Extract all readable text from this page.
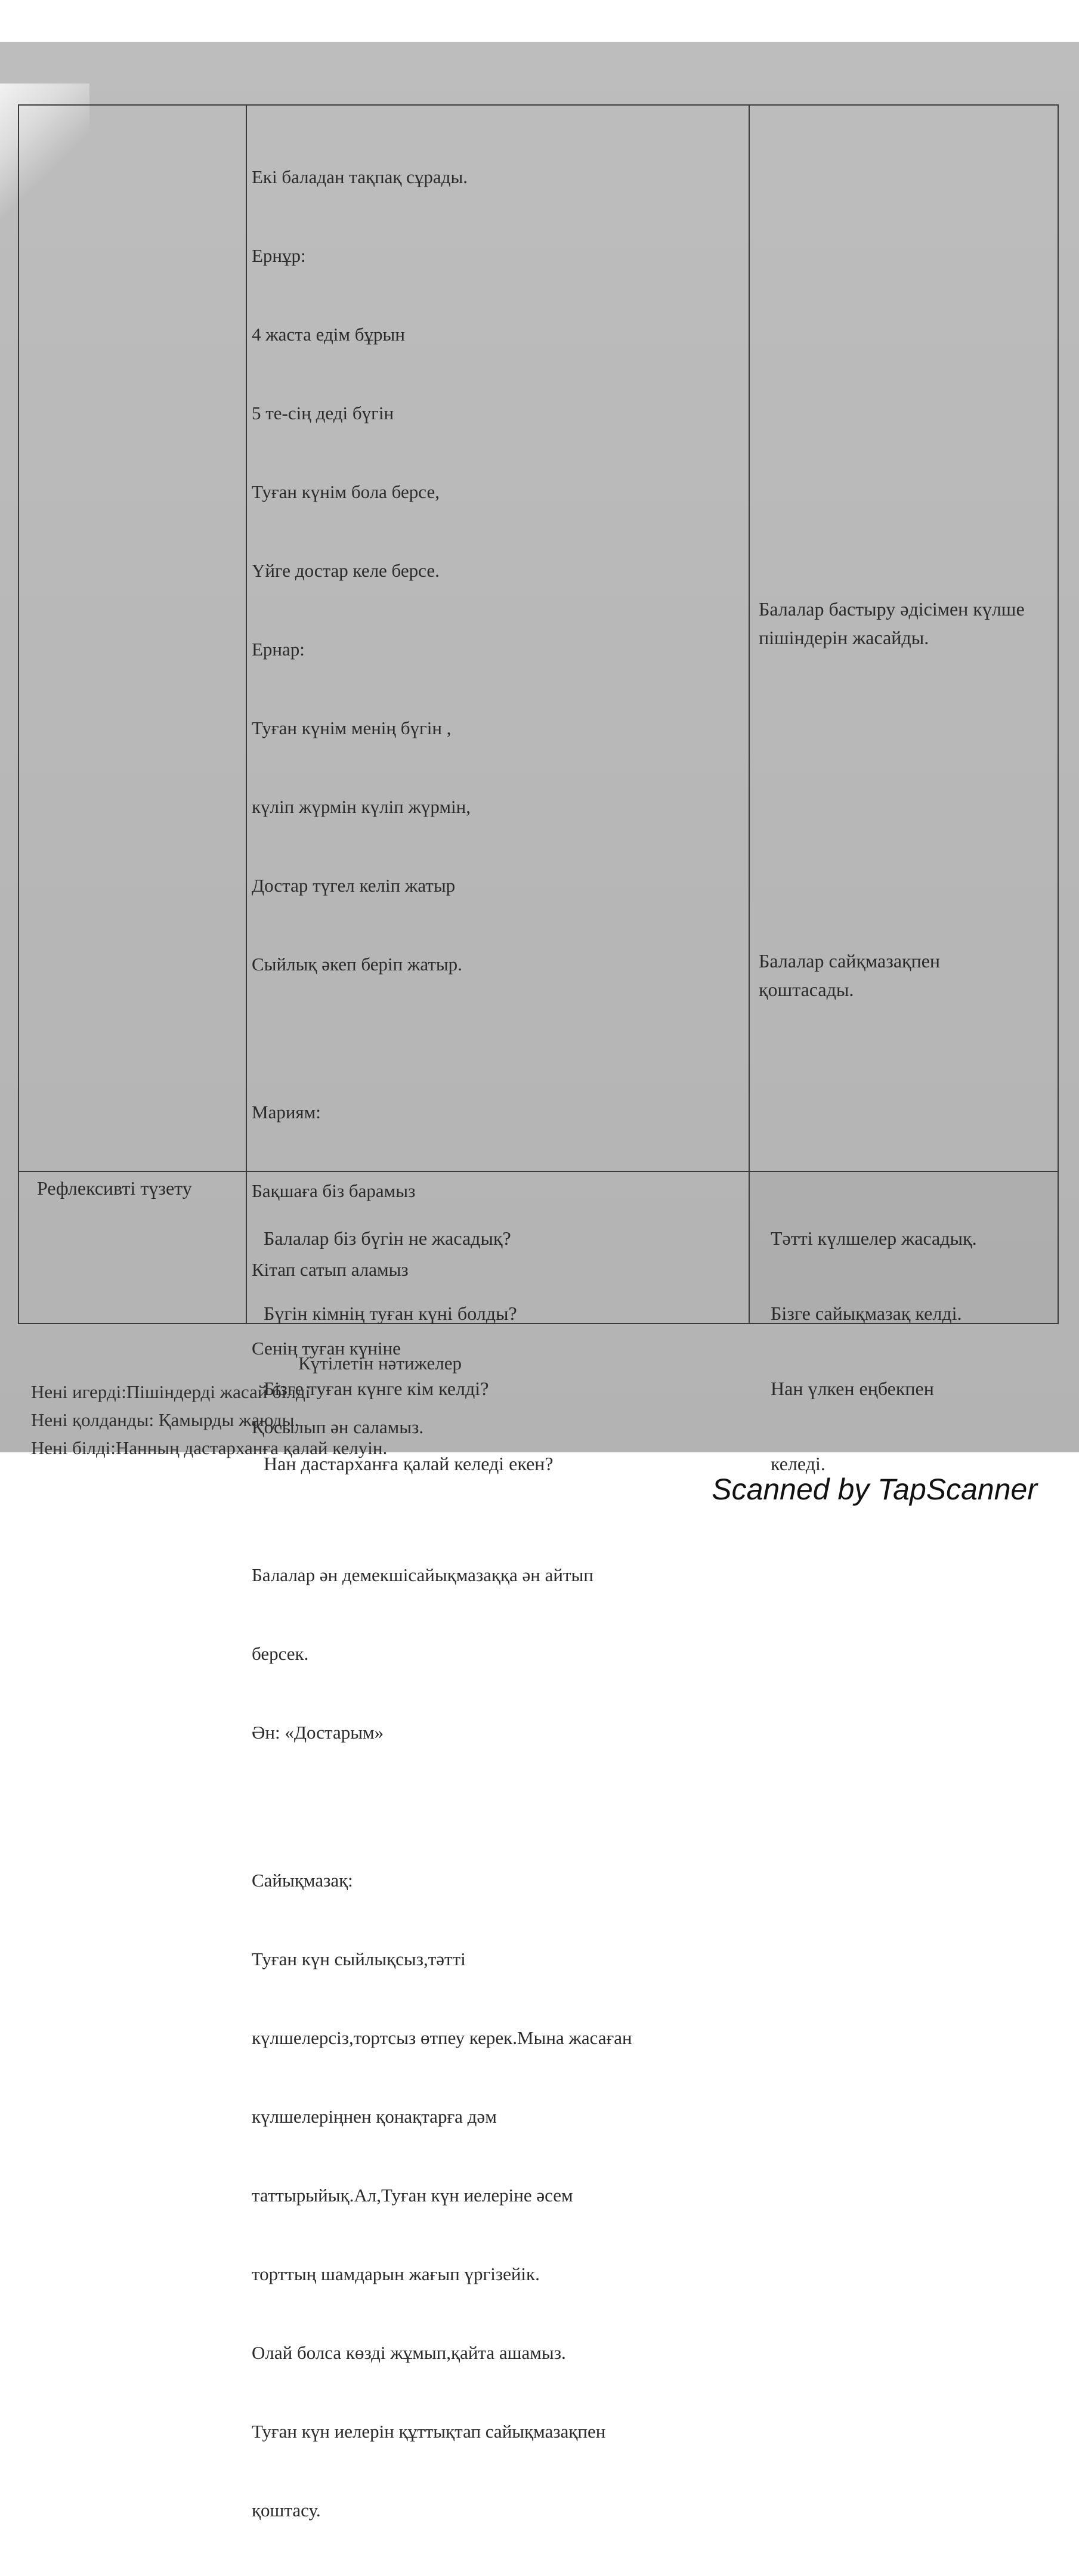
Екі баладан тақпақ сұрады.

Ернұр:

4 жаста едім бұрын

5 те-сің деді бүгін

Туған күнім бола берсе,

Үйге достар келе берсе.

Ернар:

Туған күнім менің бүгін ,

күліп жүрмін күліп жүрмін,

Достар түгел келіп жатыр

Сыйлық әкеп беріп жатыр.

Мариям:

Бақшаға біз барамыз

Кітап сатып аламыз

Сенің туған күніне

Қосылып ән саламыз.

Балалар ән демекшісайықмазаққа ән айтып

берсек.

Ән: «Достарым»

Сайықмазақ:

Туған күн сыйлықсыз,тәтті

күлшелерсіз,тортсыз өтпеу керек.Мына жасаған

күлшелеріңнен қонақтарға дәм

таттырыйық.Ал,Туған күн иелеріне әсем

торттың шамдарын жағып үргізейік.

Олай болса көзді жұмып,қайта ашамыз.

Туған күн иелерін құттықтап сайықмазақпен

қоштасу.

Балалар бастыру әдісімен күлше пішіндерін жасайды.
Балалар сайқмазақпен қоштасады.
Рефлексивті түзету

Балалар біз бүгін не жасадық?

Бүгін кімнің туған күні болды?

Бізге туған күнге кім келді?

Нан дастарханға қалай келеді екен?

Тәтті күлшелер жасадық.

Бізге сайықмазақ келді.

Нан үлкен еңбекпен

келеді.

Күтілетін нәтижелер
Нені игерді:Пішіндерді жасай білді
Нені қолданды: Қамырды жаюды.
Нені білді:Нанның дастарханға қалай келуін.
Scanned by TapScanner
